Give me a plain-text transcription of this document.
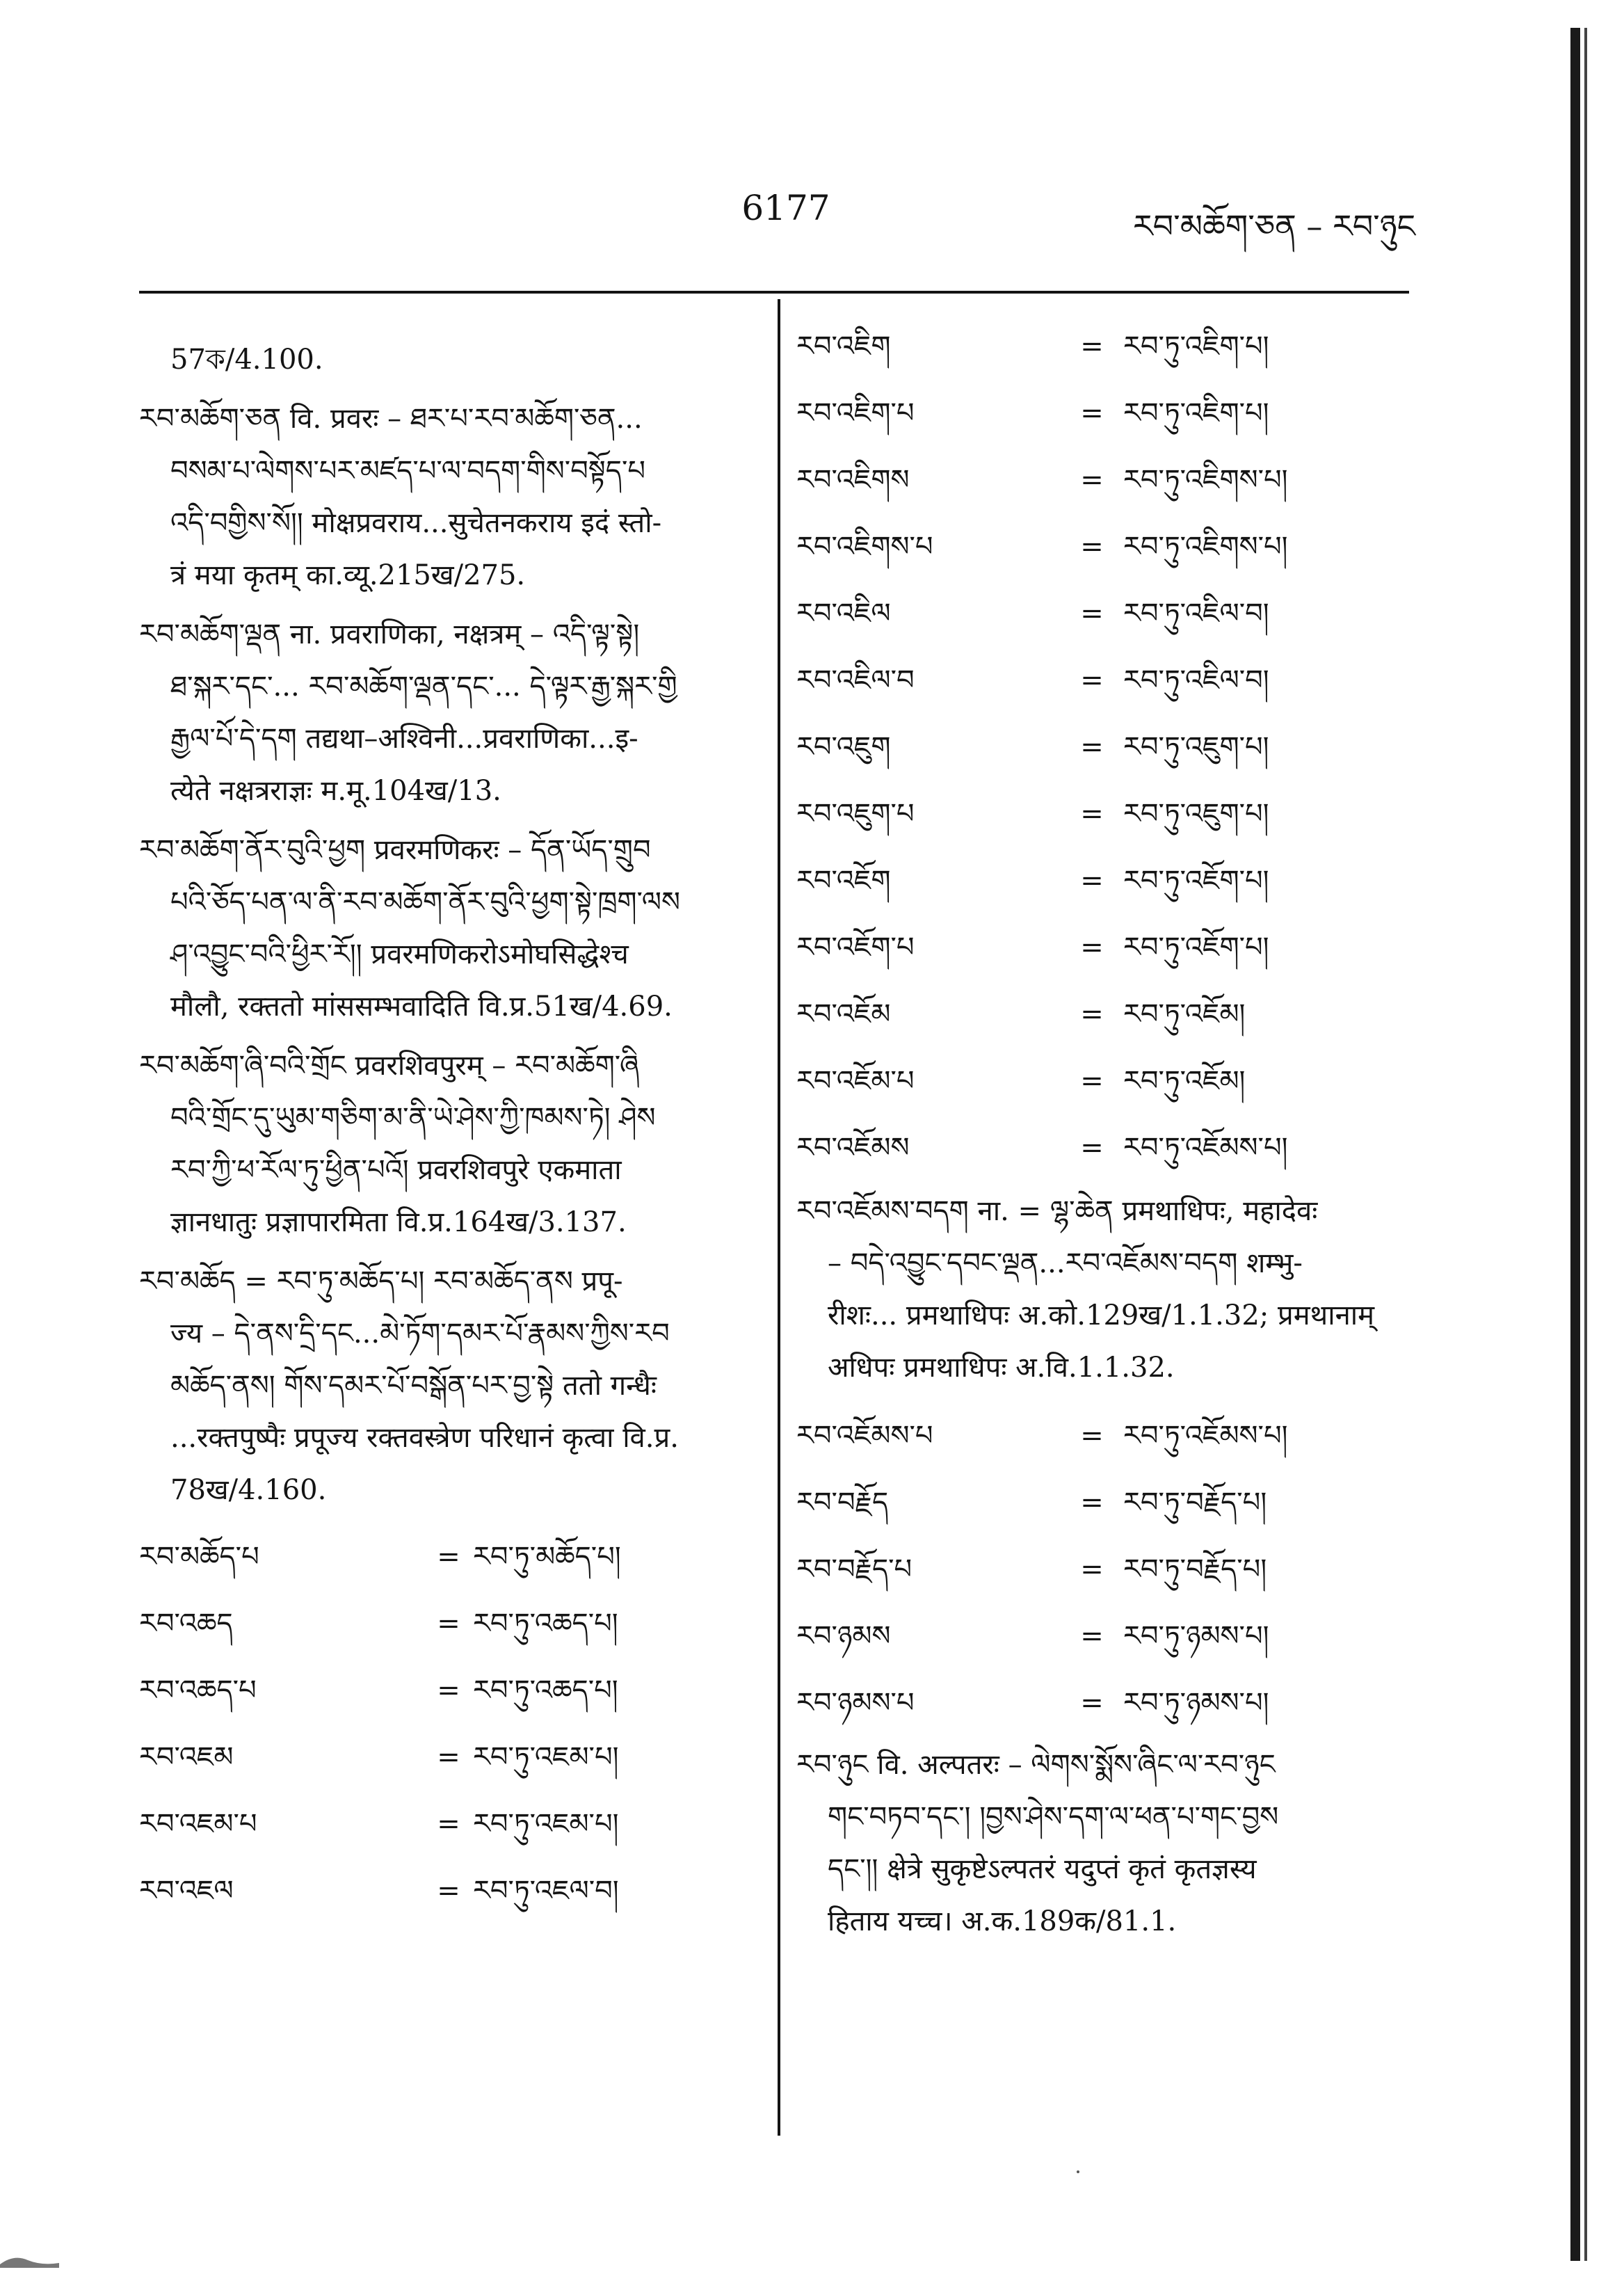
6177	རབ་མཆོག་ཅན – རབ་ཉུང
57ক/4.100.
རབ་མཆོག་ཅན वि. प्रवरः – ཐར་པ་རབ་མཆོག་ཅན...
བསམ་པ་ལེགས་པར་མཛད་པ་ལ་བདག་གིས་བསྟོད་པ
འདི་བགྱིས་སོ།། मोक्षप्रवराय...सुचेतनकराय इदं स्तो-
त्रं मया कृतम् का.व्यू.215ख/275.
རབ་མཆོག་ལྡན ना. प्रवराणिका, नक्षत्रम् – འདི་ལྟ་སྟེ།
ཐ་སྐར་དང་... རབ་མཆོག་ལྡན་དང་... དེ་ལྟར་རྒྱ་སྐར་གྱི
རྒྱལ་པོ་དེ་དག तद्यथा–अश्विनी...प्रवराणिका...इ-
त्येते नक्षत्रराज्ञः म.मू.104ख/13.
རབ་མཆོག་ནོར་བུའི་ཕྱག प्रवरमणिकरः – དོན་ཡོད་གྲུབ
པའི་ཅོད་པན་ལ་ནི་རབ་མཆོག་ནོར་བུའི་ཕྱག་སྟེ་ཁྲག་ལས
ཤ་འབྱུང་བའི་ཕྱིར་རོ།། प्रवरमणिकरोऽमोघसिद्धेश्च
मौलौ, रक्ततो मांससम्भवादिति वि.प्र.51ख/4.69.
རབ་མཆོག་ཞི་བའི་གྲོང प्रवरशिवपुरम् – རབ་མཆོག་ཞི
བའི་གྲོང་དུ་ཡུམ་གཅིག་མ་ནི་ཡེ་ཤེས་ཀྱི་ཁམས་ཏེ། ཤེས
རབ་ཀྱི་ཕ་རོལ་ཏུ་ཕྱིན་པའོ། प्रवरशिवपुरे एकमाता
ज्ञानधातुः प्रज्ञापारमिता वि.प्र.164ख/3.137.
རབ་མཆོད = རབ་ཏུ་མཆོད་པ། རབ་མཆོད་ནས प्रपू-
ज्य – དེ་ནས་དྲི་དང...མེ་ཏོག་དམར་པོ་རྣམས་ཀྱིས་རབ
མཆོད་ནས། གོས་དམར་པོ་བསྒོན་པར་བྱ་སྟེ ततो गन्धैः
...रक्तपुष्पैः प्रपूज्य रक्तवस्त्रेण परिधानं कृत्वा वि.प्र.
78ख/4.160.
རབ་མཆོད་པ	= རབ་ཏུ་མཆོད་པ།
རབ་འཆད	= རབ་ཏུ་འཆད་པ།
རབ་འཆད་པ	= རབ་ཏུ་འཆད་པ།
རབ་འཇམ	= རབ་ཏུ་འཇམ་པ།
རབ་འཇམ་པ	= རབ་ཏུ་འཇམ་པ།
རབ་འཇལ	= རབ་ཏུ་འཇལ་བ།
རབ་འཇིག	= རབ་ཏུ་འཇིག་པ།
རབ་འཇིག་པ	= རབ་ཏུ་འཇིག་པ།
རབ་འཇིགས	= རབ་ཏུ་འཇིགས་པ།
རབ་འཇིགས་པ	= རབ་ཏུ་འཇིགས་པ།
རབ་འཇིལ	= རབ་ཏུ་འཇིལ་བ།
རབ་འཇིལ་བ	= རབ་ཏུ་འཇིལ་བ།
རབ་འཇུག	= རབ་ཏུ་འཇུག་པ།
རབ་འཇུག་པ	= རབ་ཏུ་འཇུག་པ།
རབ་འཇོག	= རབ་ཏུ་འཇོག་པ།
རབ་འཇོག་པ	= རབ་ཏུ་འཇོག་པ།
རབ་འཇོམ	= རབ་ཏུ་འཇོམ།
རབ་འཇོམ་པ	= རབ་ཏུ་འཇོམ།
རབ་འཇོམས	= རབ་ཏུ་འཇོམས་པ།
རབ་འཇོམས་བདག ना. = ལྷ་ཆེན प्रमथाधिपः, महादेवः
– བདེ་འབྱུང་དབང་ལྡན...རབ་འཇོམས་བདག शम्भु-
रीशः... प्रमथाधिपः अ.को.129ख/1.1.32; प्रमथानाम्
अधिपः प्रमथाधिपः अ.वि.1.1.32.
རབ་འཇོམས་པ	= རབ་ཏུ་འཇོམས་པ།
རབ་བརྗོད	= རབ་ཏུ་བརྗོད་པ།
རབ་བརྗོད་པ	= རབ་ཏུ་བརྗོད་པ།
རབ་ཉམས	= རབ་ཏུ་ཉམས་པ།
རབ་ཉམས་པ	= རབ་ཏུ་ཉམས་པ།
རབ་ཉུང वि. अल्पतरः – ལེགས་སྨོས་ཞིང་ལ་རབ་ཉུང
གང་བཏབ་དང་། །བྱས་ཤེས་དག་ལ་ཕན་པ་གང་བྱས
དང་།། क्षेत्रे सुकृष्टेऽल्पतरं यदुप्तं कृतं कृतज्ञस्य
हिताय यच्च। अ.क.189क/81.1.
